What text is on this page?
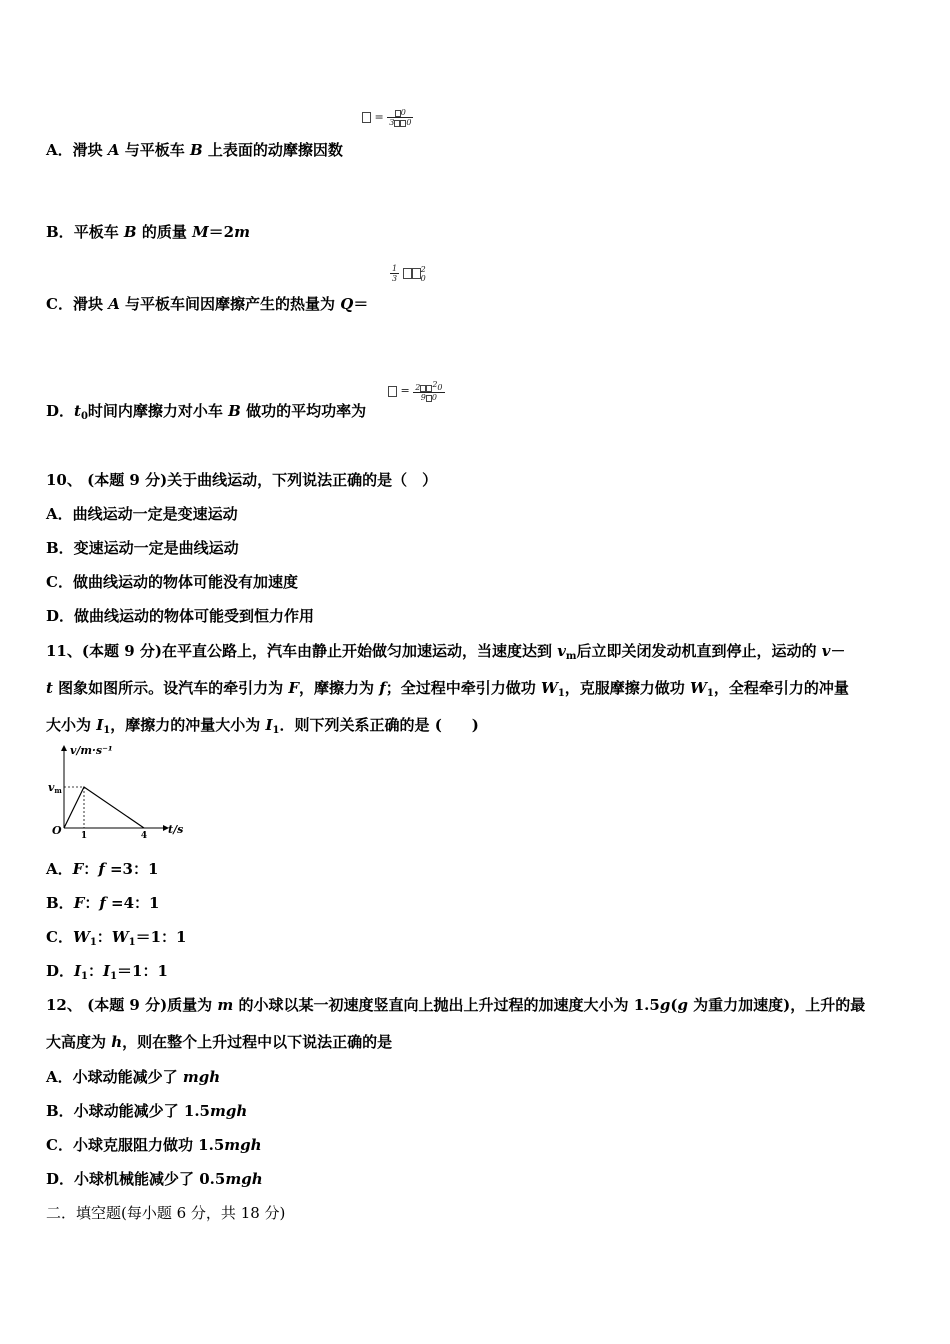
= $\frac{0}{3 0}$
A．滑块 A 与平板车 B 上表面的动摩擦因数
B．平板车 B 的质量 M＝2m
$\frac{1}{3}$
	2
0
C．滑块 A 与平板车间因摩擦产生的热量为 Q＝
= $\frac{2 20}{9 0}$
D．$t_0$时间内摩擦力对小车 B 做功的平均功率为
10、 (本题 9 分)关于曲线运动，下列说法正确的是（　）
A．曲线运动一定是变速运动
B．变速运动一定是曲线运动
C．做曲线运动的物体可能没有加速度
D．做曲线运动的物体可能受到恒力作用
11、(本题 9 分)在平直公路上，汽车由静止开始做匀加速运动，当速度达到 $v_m$后立即关闭发动机直到停止，运动的 v－
t 图象如图所示。设汽车的牵引力为 F，摩擦力为 f；全过程中牵引力做功 $W_1$，克服摩擦力做功 $W_1$，全程牵引力的冲量
大小为 $I_1$，摩擦力的冲量大小为 $I_1$．则下列关系正确的是 (　　)
v/m·s⁻¹
vm
O 1	4 t/s
A．F：f =3：1
B．F：f =4：1
C．$W_1$：$W_1=1$：1
D．$I_1$：$I_1=1$：1
12、 (本题 9 分)质量为 m 的小球以某一初速度竖直向上抛出上升过程的加速度大小为 1.5g(g 为重力加速度)，上升的最
大高度为 h，则在整个上升过程中以下说法正确的是
A．小球动能减少了 mgh
B．小球动能减少了 1.5mgh
C．小球克服阻力做功 1.5mgh
D．小球机械能减少了 0.5mgh
二．填空题(每小题 6 分，共 18 分)
